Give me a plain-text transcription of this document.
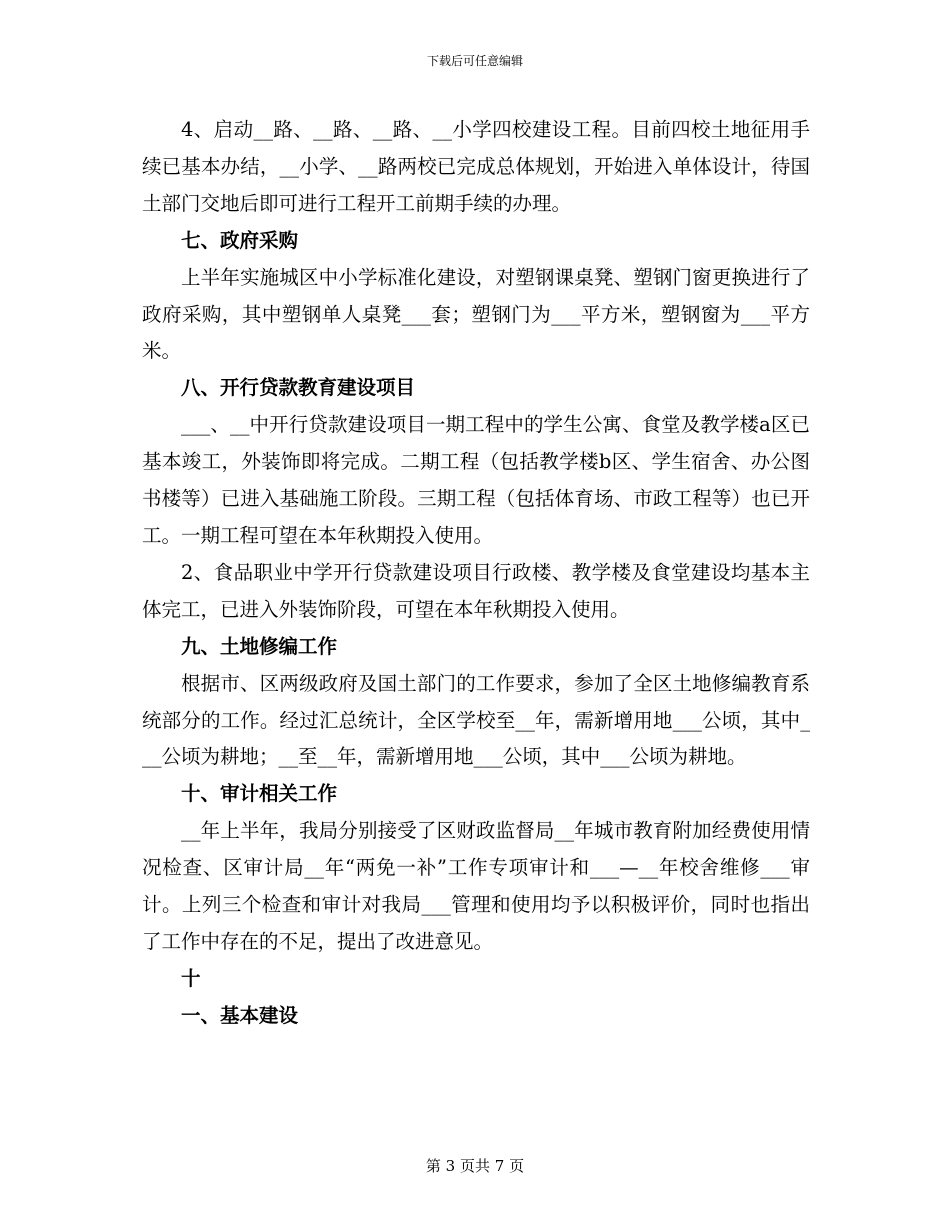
下载后可任意编辑

4、启动__路、__路、__路、__小学四校建设工程。目前四校土地征用手续已基本办结，__小学、__路两校已完成总体规划，开始进入单体设计，待国土部门交地后即可进行工程开工前期手续的办理。

七、政府采购

上半年实施城区中小学标准化建设，对塑钢课桌凳、塑钢门窗更换进行了政府采购，其中塑钢单人桌凳___套；塑钢门为___平方米，塑钢窗为___平方米。

八、开行贷款教育建设项目

___、__中开行贷款建设项目一期工程中的学生公寓、食堂及教学楼a区已基本竣工，外装饰即将完成。二期工程（包括教学楼b区、学生宿舍、办公图书楼等）已进入基础施工阶段。三期工程（包括体育场、市政工程等）也已开工。一期工程可望在本年秋期投入使用。

2、食品职业中学开行贷款建设项目行政楼、教学楼及食堂建设均基本主体完工，已进入外装饰阶段，可望在本年秋期投入使用。

九、土地修编工作

根据市、区两级政府及国土部门的工作要求，参加了全区土地修编教育系统部分的工作。经过汇总统计，全区学校至__年，需新增用地___公顷，其中___公顷为耕地；__至__年，需新增用地___公顷，其中___公顷为耕地。

十、审计相关工作

__年上半年，我局分别接受了区财政监督局__年城市教育附加经费使用情况检查、区审计局__年“两免一补”工作专项审计和___—__年校舍维修___审计。上列三个检查和审计对我局___管理和使用均予以积极评价，同时也指出了工作中存在的不足，提出了改进意见。

十

一、基本建设

第 3 页共 7 页
